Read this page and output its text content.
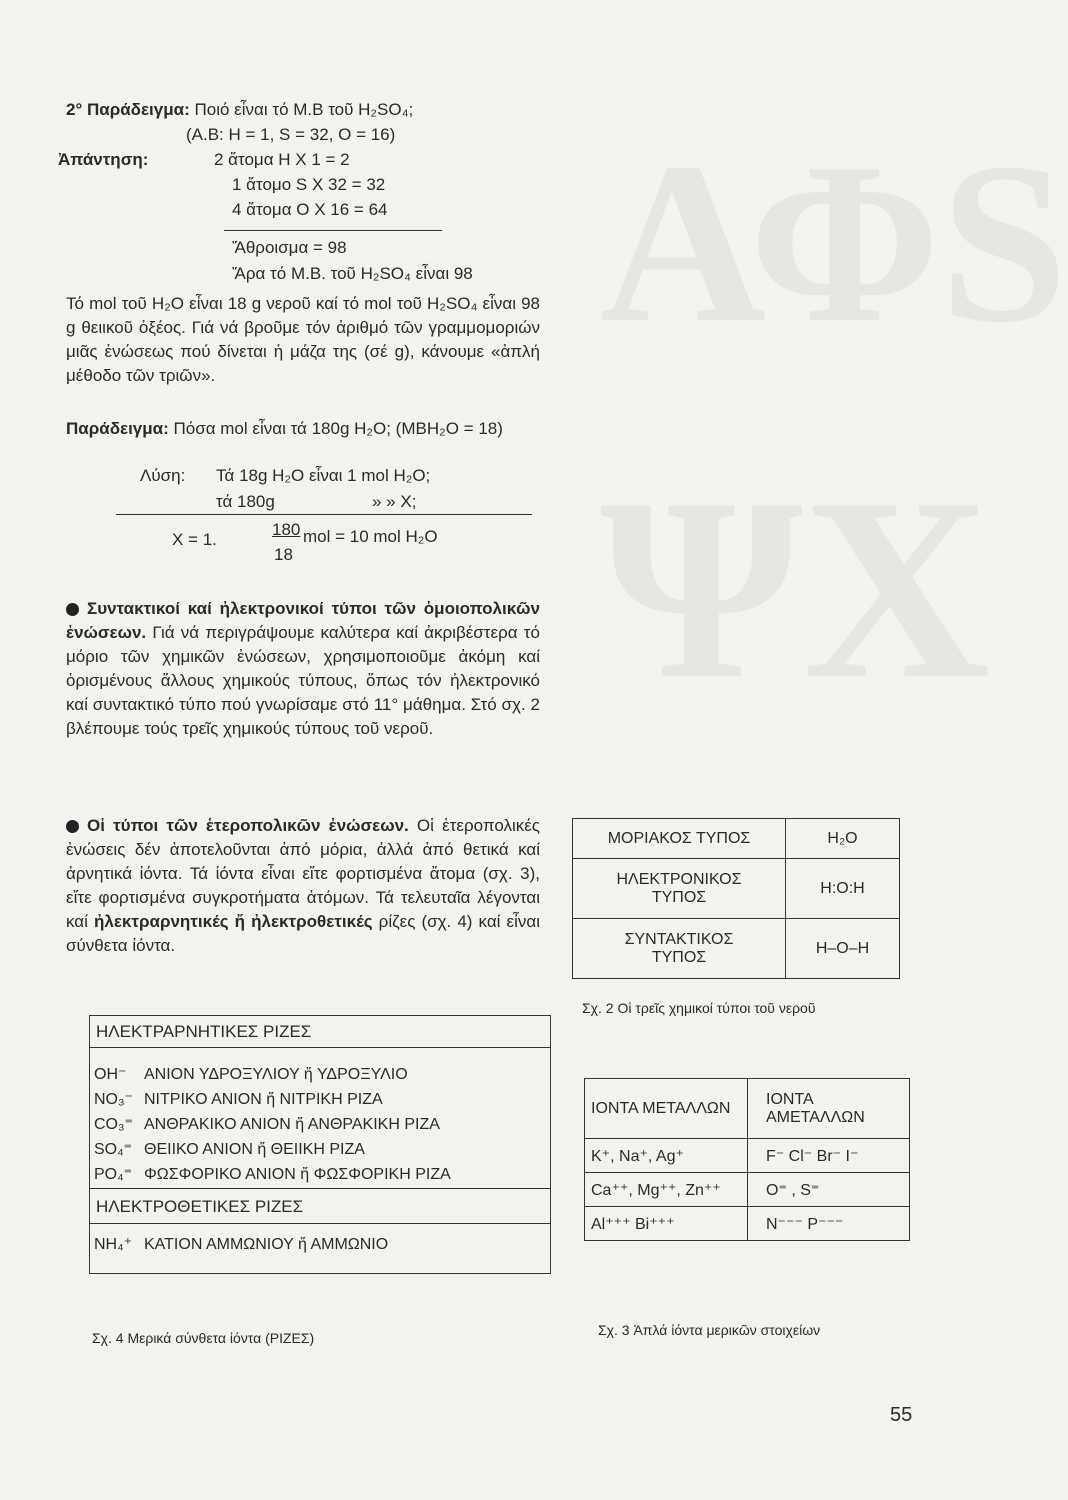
ΑΦS
ΨΧ
2° Παράδειγμα: Ποιό εἶναι τό Μ.Β τοῦ H₂SO₄;
(Α.Β: H = 1, S = 32, O = 16)
Ἀπάντηση:	2 ἄτομα Η Χ 1 = 2
1 ἄτομο S X 32 = 32
4 ἄτομα Ο Χ 16 = 64
Ἄθροισμα = 98
Ἄρα τό Μ.Β. τοῦ H₂SO₄ εἶναι 98
Τό mol τοῦ H₂O εἶναι 18 g νεροῦ καί τό mol τοῦ H₂SO₄ εἶναι 98 g θειικοῦ ὀξέος. Γιά νά βροῦμε τόν ἀριθμό τῶν γραμμομοριών μιᾶς ἐνώσεως πού δίνεται ἡ μάζα της (σέ g), κάνουμε «ἁπλή μέθοδο τῶν τριῶν».
Παράδειγμα: Πόσα mol εἶναι τά 180g H₂O; (MBH₂O = 18)
Λύση: Τά 18g H₂O εἶναι 1 mol H₂O;
τά 180g	» » X;
X = 1.
180
18
mol = 10 mol H₂O
Συντακτικοί καί ἠλεκτρονικοί τύποι τῶν ὁμοιοπολικῶν ἐνώσεων. Γιά νά περιγράψουμε καλύτερα καί ἀκριβέστερα τό μόριο τῶν χημικῶν ἐνώσεων, χρησιμοποιοῦμε ἀκόμη καί ὁρισμένους ἄλλους χημικούς τύπους, ὅπως τόν ἠλεκτρονικό καί συντακτικό τύπο πού γνωρίσαμε στό 11° μάθημα. Στό σχ. 2 βλέπουμε τούς τρεῖς χημικούς τύπους τοῦ νεροῦ.
Οἱ τύποι τῶν ἑτεροπολικῶν ἐνώσεων. Οἱ ἑτεροπολικές ἐνώσεις δέν ἀποτελοῦνται ἀπό μόρια, ἀλλά ἀπό θετικά καί ἀρνητικά ἰόντα. Τά ἰόντα εἶναι εἴτε φορτισμένα ἄτομα (σχ. 3), εἴτε φορτισμένα συγκροτήματα ἀτόμων. Τά τελευταῖα λέγονται καί ἠλεκτραρνητικές ἤ ἠλεκτροθετικές ρίζες (σχ. 4) καί εἶναι σύνθετα ἰόντα.
ΜΟΡΙΑΚΟΣ ΤΥΠΟΣ	H₂O
ΗΛΕΚΤΡΟΝΙΚΟΣ ΤΥΠΟΣ	H:O:H
ΣΥΝΤΑΚΤΙΚΟΣ ΤΥΠΟΣ	H–O–H
Σχ. 2 Οἱ τρεῖς χημικοί τύποι τοῦ νεροῦ
ΙΟΝΤΑ ΜΕΤΑΛΛΩΝ	ΙΟΝΤΑ ΑΜΕΤΑΛΛΩΝ
K⁺, Na⁺, Ag⁺	F⁻ Cl⁻ Br⁻ I⁻
Ca⁺⁺, Mg⁺⁺, Zn⁺⁺	O⁼ , S⁼
Al⁺⁺⁺ Bi⁺⁺⁺	N⁻⁻⁻ P⁻⁻⁻
Σχ. 3 Ἁπλά ἰόντα μερικῶν στοιχείων
ΗΛΕΚΤΡΑΡΝΗΤΙΚΕΣ ΡΙΖΕΣ
OH⁻ ΑΝΙΟΝ ΥΔΡΟΞΥΛΙΟΥ ἤ ΥΔΡΟΞΥΛΙΟ
NO₃⁻ ΝΙΤΡΙΚΟ ΑΝΙΟΝ ἤ ΝΙΤΡΙΚΗ ΡΙΖΑ
CO₃⁼ ΑΝΘΡΑΚΙΚΟ ΑΝΙΟΝ ἤ ΑΝΘΡΑΚΙΚΗ ΡΙΖΑ
SO₄⁼ ΘΕΙΙΚΟ ΑΝΙΟΝ ἤ ΘΕΙΙΚΗ ΡΙΖΑ
PO₄⁼ ΦΩΣΦΟΡΙΚΟ ΑΝΙΟΝ ἤ ΦΩΣΦΟΡΙΚΗ ΡΙΖΑ
ΗΛΕΚΤΡΟΘΕΤΙΚΕΣ ΡΙΖΕΣ
NH₄⁺ ΚΑΤΙΟΝ ΑΜΜΩΝΙΟΥ ἤ ΑΜΜΩΝΙΟ
Σχ. 4 Μερικά σύνθετα ἰόντα (ΡΙΖΕΣ)
55
